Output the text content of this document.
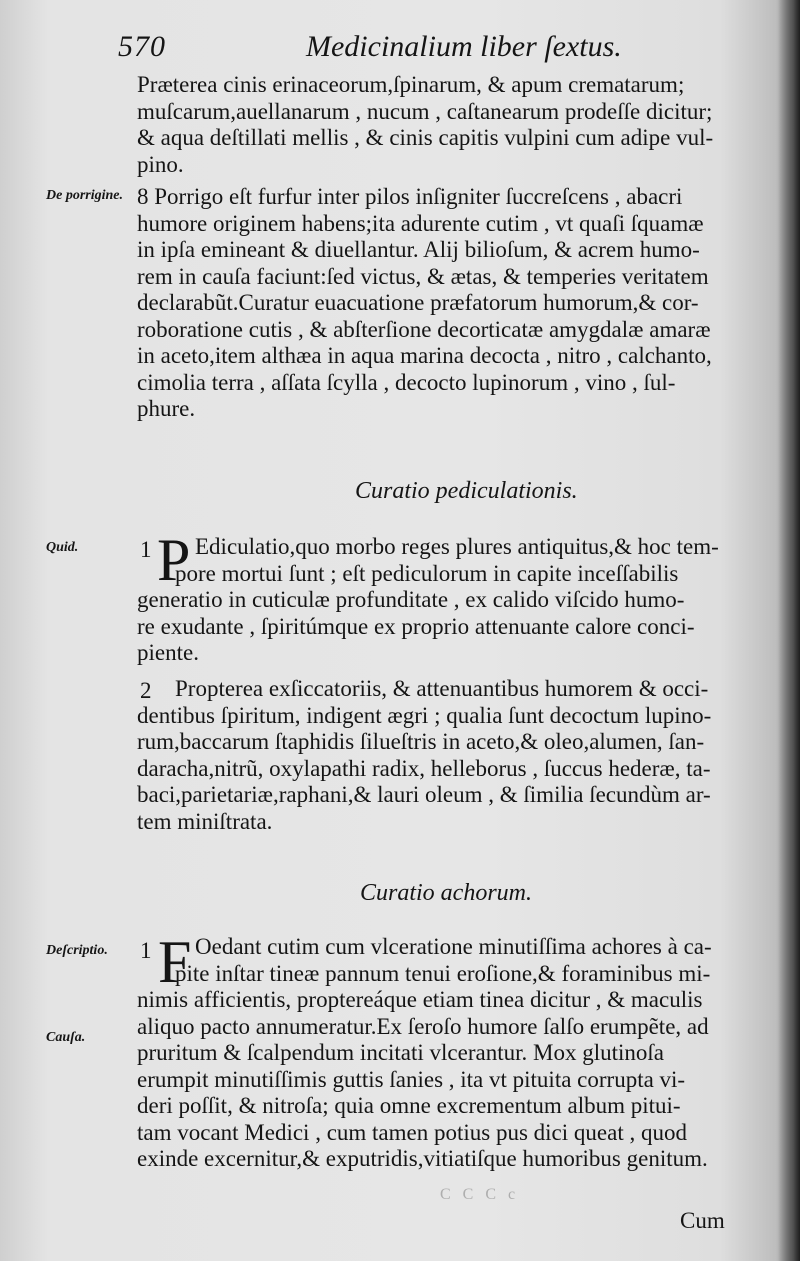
570	Medicinalium liber ſextus.
Præterea cinis erinaceorum,ſpinarum, & apum crematarum;
muſcarum,auellanarum , nucum , caſtanearum prodeſſe dicitur;
& aqua deſtillati mellis , & cinis capitis vulpini cum adipe vul-
pino.
De porrigine. 8 Porrigo eſt furfur inter pilos inſigniter ſuccreſcens , abacri
humore originem habens;ita adurente cutim , vt quaſi ſquamæ
in ipſa emineant & diuellantur. Alij bilioſum, & acrem humo-
rem in cauſa faciunt:ſed victus, & ætas, & temperies veritatem
declarabũt.Curatur euacuatione præfatorum humorum,& cor-
roboratione cutis , & abſterſione decorticatæ amygdalæ amaræ
in aceto,item althæa in aqua marina decocta , nitro , calchanto,
cimolia terra , aſſata ſcylla , decocto lupinorum , vino , ſul-
phure.
Curatio pediculationis.
Quid.	1 P Ediculatio,quo morbo reges plures antiquitus,& hoc tem-
pore mortui ſunt ; eſt pediculorum in capite inceſſabilis
generatio in cuticulæ profunditate , ex calido viſcido humo-
re exudante , ſpiritúmque ex proprio attenuante calore conci-
piente.
2	Propterea exſiccatoriis, & attenuantibus humorem & occi-
dentibus ſpiritum, indigent ægri ; qualia ſunt decoctum lupino-
rum,baccarum ſtaphidis ſilueſtris in aceto,& oleo,alumen, ſan-
daracha,nitrũ, oxylapathi radix, helleborus , ſuccus hederæ, ta-
baci,parietariæ,raphani,& lauri oleum , & ſimilia ſecundùm ar-
tem miniſtrata.
Curatio achorum.
Deſcriptio.
Cauſa.
1 F Oedant cutim cum vlceratione minutiſſima achores à ca-
pite inſtar tineæ pannum tenui eroſione,& foraminibus mi-
nimis afficientis, proptereáque etiam tinea dicitur , & maculis
aliquo pacto annumeratur.Ex ſeroſo humore ſalſo erumpẽte, ad
pruritum & ſcalpendum incitati vlcerantur. Mox glutinoſa
erumpit minutiſſimis guttis ſanies , ita vt pituita corrupta vi-
deri poſſit, & nitroſa; quia omne excrementum album pitui-
tam vocant Medici , cum tamen potius pus dici queat , quod
exinde excernitur,& exputridis,vitiatiſque humoribus genitum.
C C C c
Cum
